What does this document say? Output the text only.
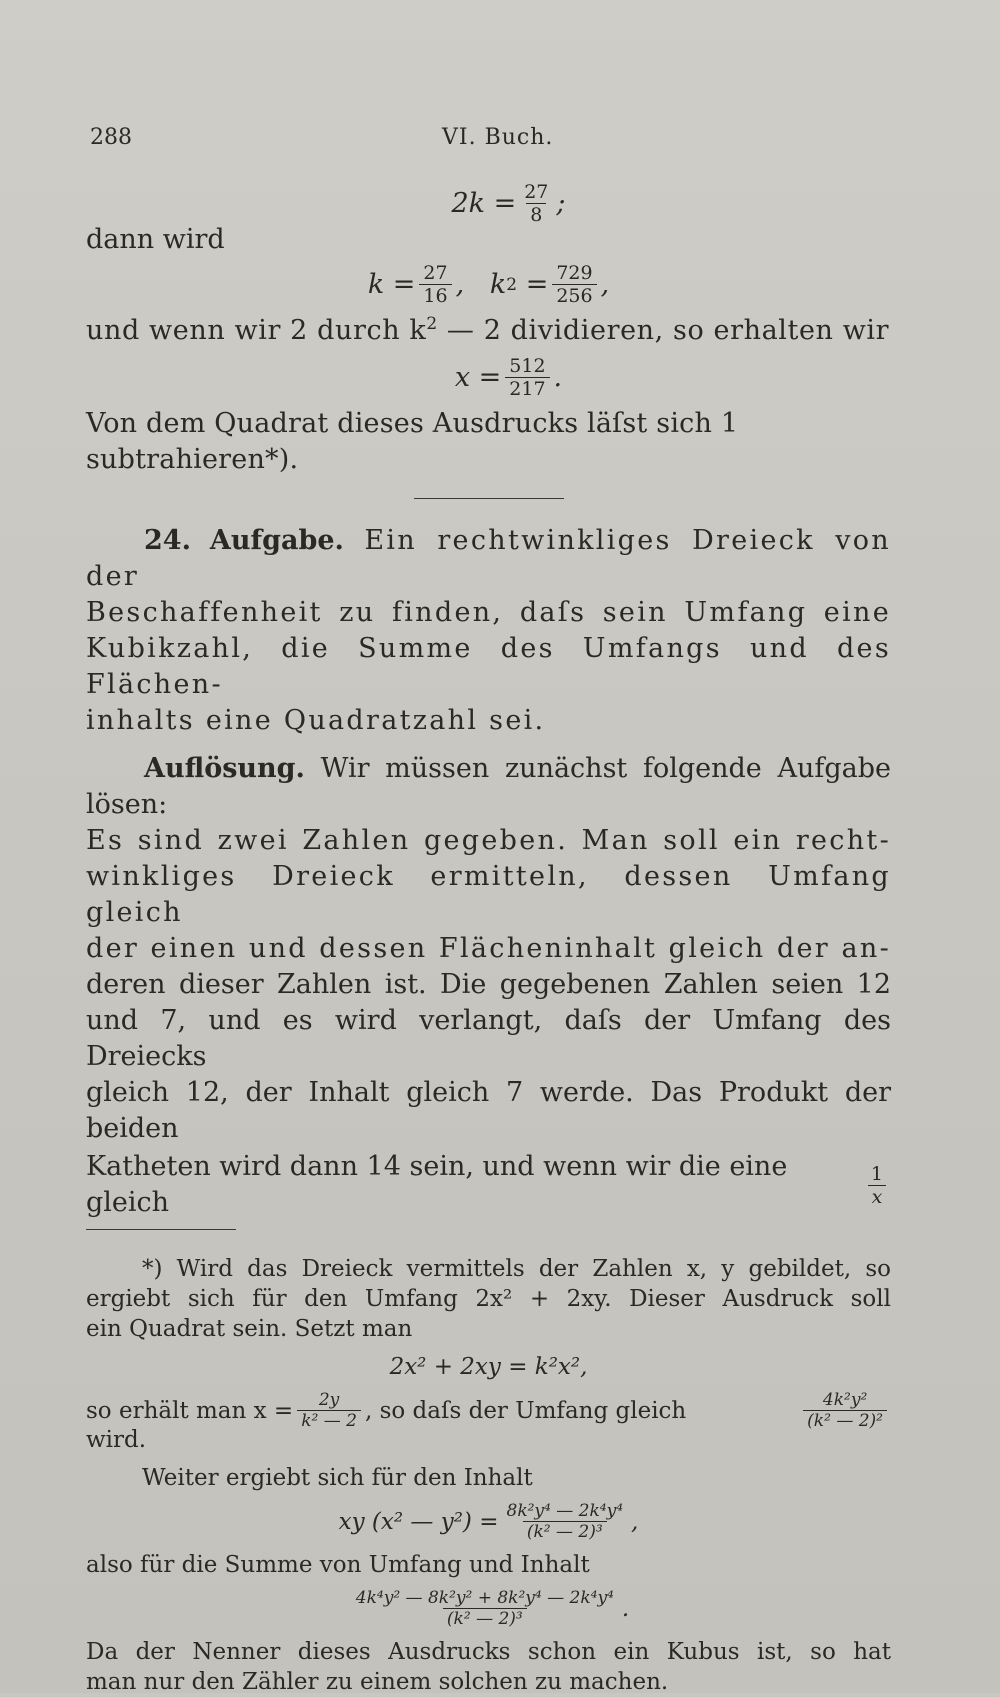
288	VI. Buch.
$2k = \frac{27}{8}$ ;

dann wird

$k = \frac{27}{16}$ ,   k $2 = \frac{729}{256}$ ,

und wenn wir 2 durch $k^2$ — 2 dividieren, so erhalten wir

$x = \frac{512}{217}$ .

Von dem Quadrat dieses Ausdrucks läſst sich 1 subtrahieren*).

24. Aufgabe. Ein rechtwinkliges Dreieck von der

Beschaffenheit zu finden, daſs sein Umfang eine

Kubikzahl, die Summe des Umfangs und des Flächen-

inhalts eine Quadratzahl sei.

Auflösung. Wir müssen zunächst folgende Aufgabe lösen:

Es sind zwei Zahlen gegeben. Man soll ein recht-

winkliges Dreieck ermitteln, dessen Umfang gleich

der einen und dessen Flächeninhalt gleich der an-

deren dieser Zahlen ist. Die gegebenen Zahlen seien 12

und 7, und es wird verlangt, daſs der Umfang des Dreiecks

gleich 12, der Inhalt gleich 7 werde. Das Produkt der beiden

Katheten wird dann 14 sein, und wenn wir die eine gleich	$\frac{1}{x}$

*) Wird das Dreieck vermittels der Zahlen x, y gebildet, so

ergiebt sich für den Umfang 2x² + 2xy. Dieser Ausdruck soll

ein Quadrat sein. Setzt man

2x² + 2xy = k²x²,
so erhält man $x = \frac{2y}{\text{k² — 2}}$ , so daſs der Umfang gleich	$\frac{\text{4k²y²}}{\text{(k² — 2)²}}$

wird.

Weiter ergiebt sich für den Inhalt

xy (x² — $y^2) = \frac{\text{8k²y⁴ — 2k⁴y⁴}}{\text{(k² — 2)³}}$ ,

also für die Summe von Umfang und Inhalt

$\frac{\text{4k⁴y² — 8k²y² + 8k²y⁴ — 2k⁴y⁴}}{\text{(k² — 2)³}}$ .

Da der Nenner dieses Ausdrucks schon ein Kubus ist, so hat

man nur den Zähler zu einem solchen zu machen.
